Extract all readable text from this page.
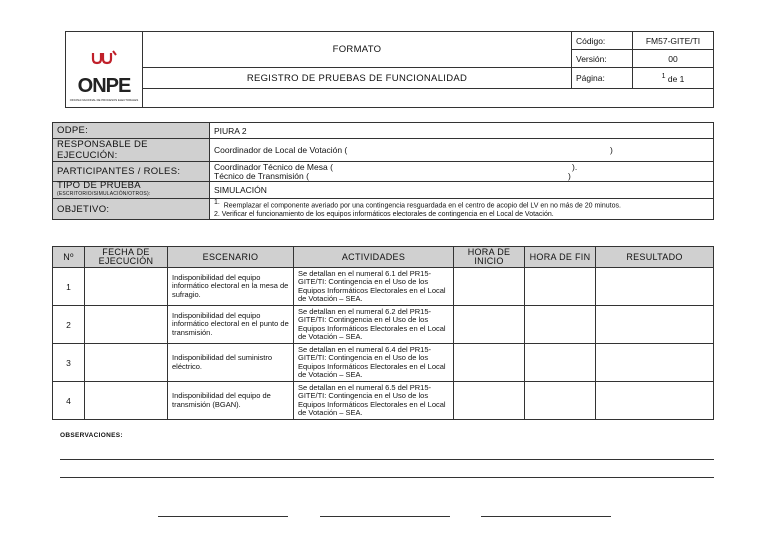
ONPE
OFICINA NACIONAL DE PROCESOS ELECTORALES	FORMATO	Código:	FM57-GITE/TI
		Versión:	00
	REGISTRO DE PRUEBAS DE FUNCIONALIDAD	Página:	$^1$ de 1

ODPE:	PIURA 2
RESPONSABLE DE EJECUCIÓN:	Coordinador de Local de Votación ( )

PARTICIPANTES / ROLES:	Coordinador Técnico de Mesa ( ).
Técnico de Transmisión ( )

TIPO DE PRUEBA
(ESCRITORIO/SIMULACIÓN/OTROS):	SIMULACIÓN
OBJETIVO:	1. Reemplazar el componente averiado por una contingencia resguardada en el centro de acopio del LV en no más de 20 minutos.
2. Verificar el funcionamiento de los equipos informáticos electorales de contingencia en el Local de Votación.
Nº	FECHA DE EJECUCIÓN	ESCENARIO	ACTIVIDADES	HORA DE INICIO	HORA DE FIN	RESULTADO
1		Indisponibilidad del equipo informático electoral en la mesa de sufragio.	Se detallan en el numeral 6.1 del PR15-GITE/TI: Contingencia en el Uso de los Equipos Informáticos Electorales en el Local de Votación – SEA.			
2		Indisponibilidad del equipo informático electoral en el punto de transmisión.	Se detallan en el numeral 6.2 del PR15-GITE/TI: Contingencia en el Uso de los Equipos Informáticos Electorales en el Local de Votación – SEA.			
3		Indisponibilidad del suministro eléctrico.	Se detallan en el numeral 6.4 del PR15-GITE/TI: Contingencia en el Uso de los Equipos Informáticos Electorales en el Local de Votación – SEA.			
4		Indisponibilidad del equipo de transmisión (BGAN).	Se detallan en el numeral 6.5 del PR15-GITE/TI: Contingencia en el Uso de los Equipos Informáticos Electorales en el Local de Votación – SEA.			
OBSERVACIONES:
